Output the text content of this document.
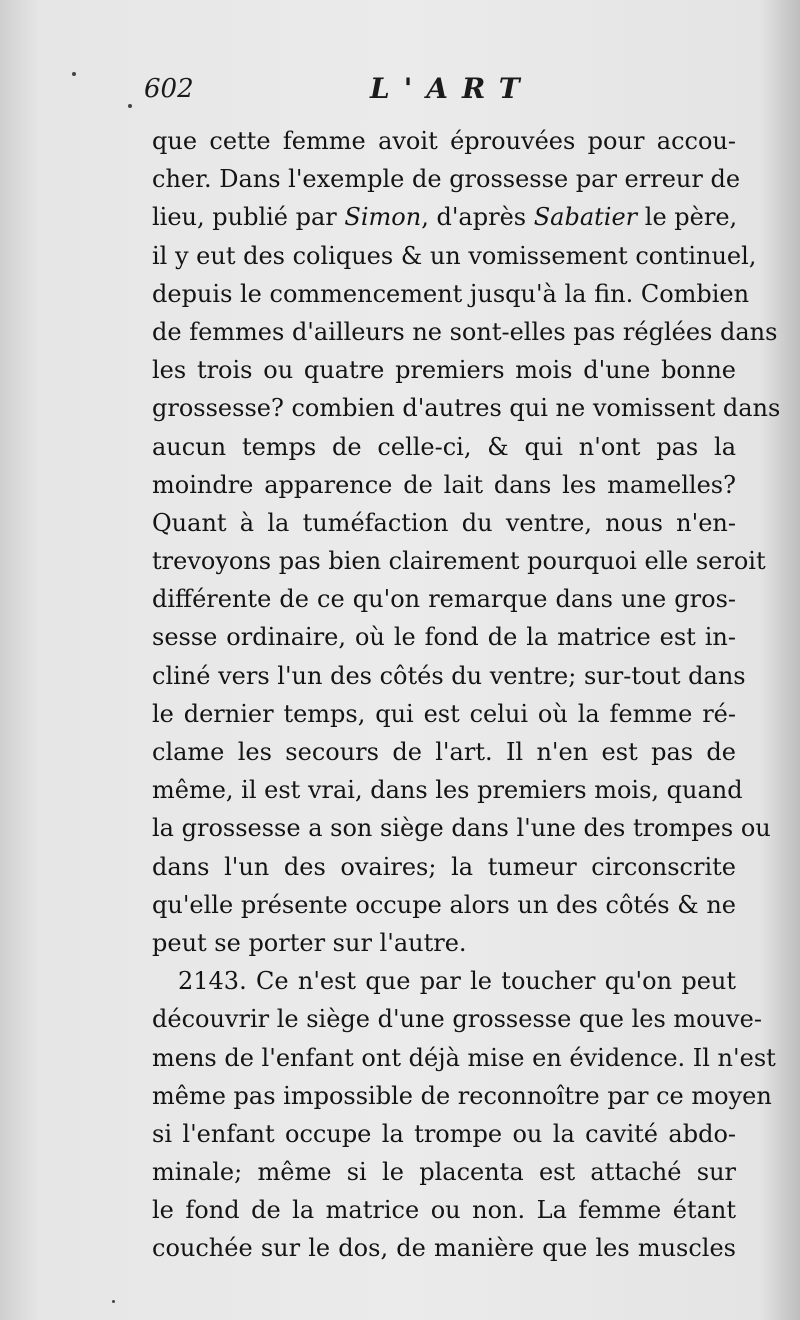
602	L'ART
que cette femme avoit éprouvées pour accou-
cher. Dans l'exemple de grossesse par erreur de
lieu, publié par Simon, d'après Sabatier le père,
il y eut des coliques & un vomissement continuel,
depuis le commencement jusqu'à la fin. Combien
de femmes d'ailleurs ne sont-elles pas réglées dans
les trois ou quatre premiers mois d'une bonne
grossesse? combien d'autres qui ne vomissent dans
aucun temps de celle-ci, & qui n'ont pas la
moindre apparence de lait dans les mamelles?
Quant à la tuméfaction du ventre, nous n'en-
trevoyons pas bien clairement pourquoi elle seroit
différente de ce qu'on remarque dans une gros-
sesse ordinaire, où le fond de la matrice est in-
cliné vers l'un des côtés du ventre; sur-tout dans
le dernier temps, qui est celui où la femme ré-
clame les secours de l'art. Il n'en est pas de
même, il est vrai, dans les premiers mois, quand
la grossesse a son siège dans l'une des trompes ou
dans l'un des ovaires; la tumeur circonscrite
qu'elle présente occupe alors un des côtés & ne
peut se porter sur l'autre.
2143. Ce n'est que par le toucher qu'on peut
découvrir le siège d'une grossesse que les mouve-
mens de l'enfant ont déjà mise en évidence. Il n'est
même pas impossible de reconnoître par ce moyen
si l'enfant occupe la trompe ou la cavité abdo-
minale; même si le placenta est attaché sur
le fond de la matrice ou non. La femme étant
couchée sur le dos, de manière que les muscles
